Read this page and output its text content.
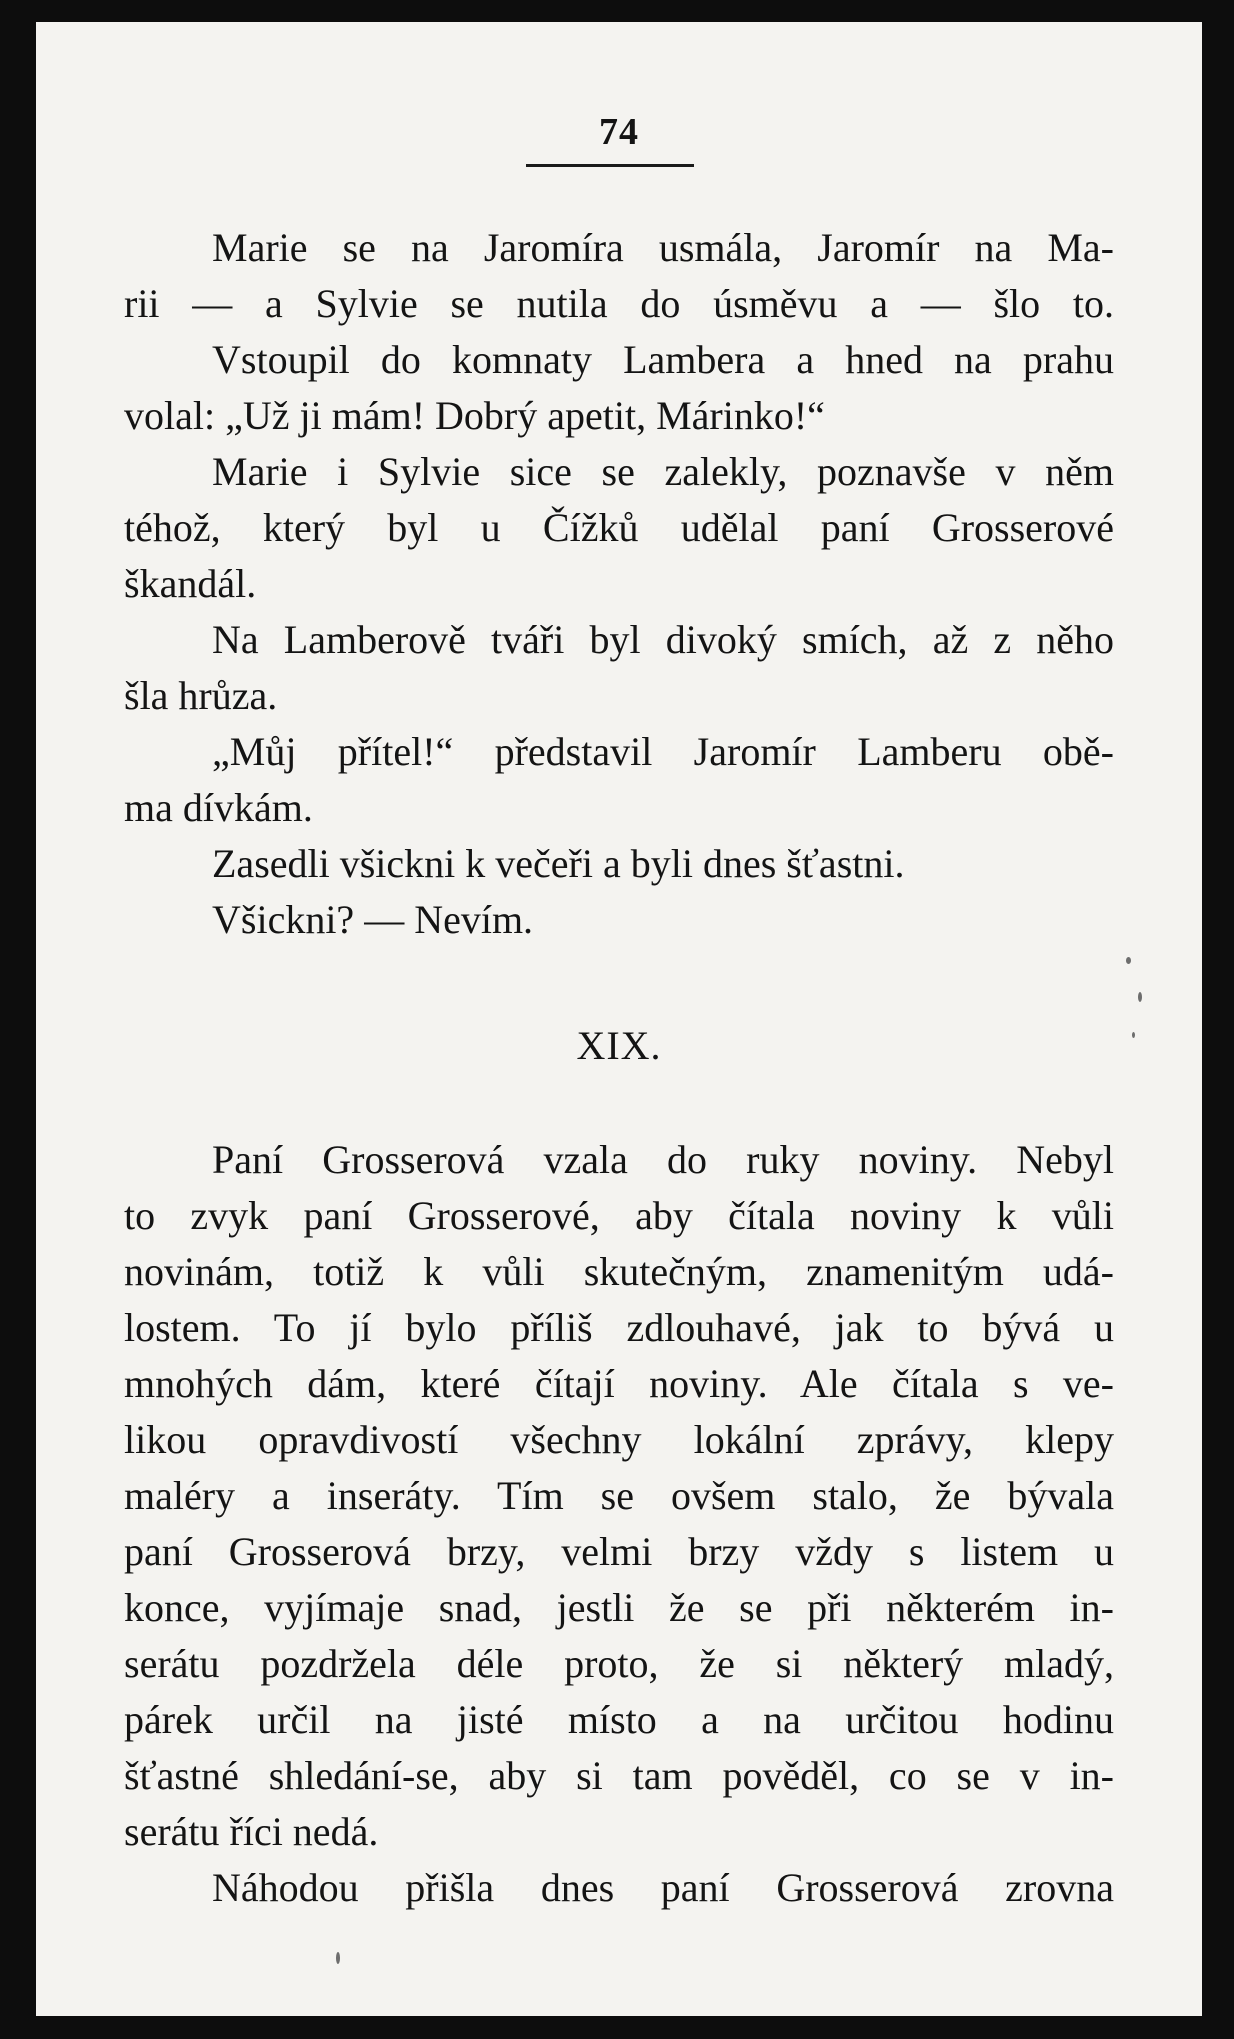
74
Marie se na Jaromíra usmála, Jaromír na Ma-
rii — a Sylvie se nutila do úsměvu a — šlo to.
Vstoupil do komnaty Lambera a hned na prahu
volal: „Už ji mám! Dobrý apetit, Márinko!“
Marie i Sylvie sice se zalekly, poznavše v něm
téhož, který byl u Čížků udělal paní Grosserové
škandál.
Na Lamberově tváři byl divoký smích, až z něho
šla hrůza.
„Můj přítel!“ představil Jaromír Lamberu obě-
ma dívkám.
Zasedli všickni k večeři a byli dnes šťastni.
Všickni? — Nevím.
XIX.
Paní Grosserová vzala do ruky noviny. Nebyl
to zvyk paní Grosserové, aby čítala noviny k vůli
novinám, totiž k vůli skutečným, znamenitým udá-
lostem. To jí bylo příliš zdlouhavé, jak to bývá u
mnohých dám, které čítají noviny. Ale čítala s ve-
likou opravdivostí všechny lokální zprávy, klepy
maléry a inseráty. Tím se ovšem stalo, že bývala
paní Grosserová brzy, velmi brzy vždy s listem u
konce, vyjímaje snad, jestli že se při některém in-
serátu pozdržela déle proto, že si některý mladý,
párek určil na jisté místo a na určitou hodinu
šťastné shledání-se, aby si tam pověděl, co se v in-
serátu říci nedá.
Náhodou přišla dnes paní Grosserová zrovna
